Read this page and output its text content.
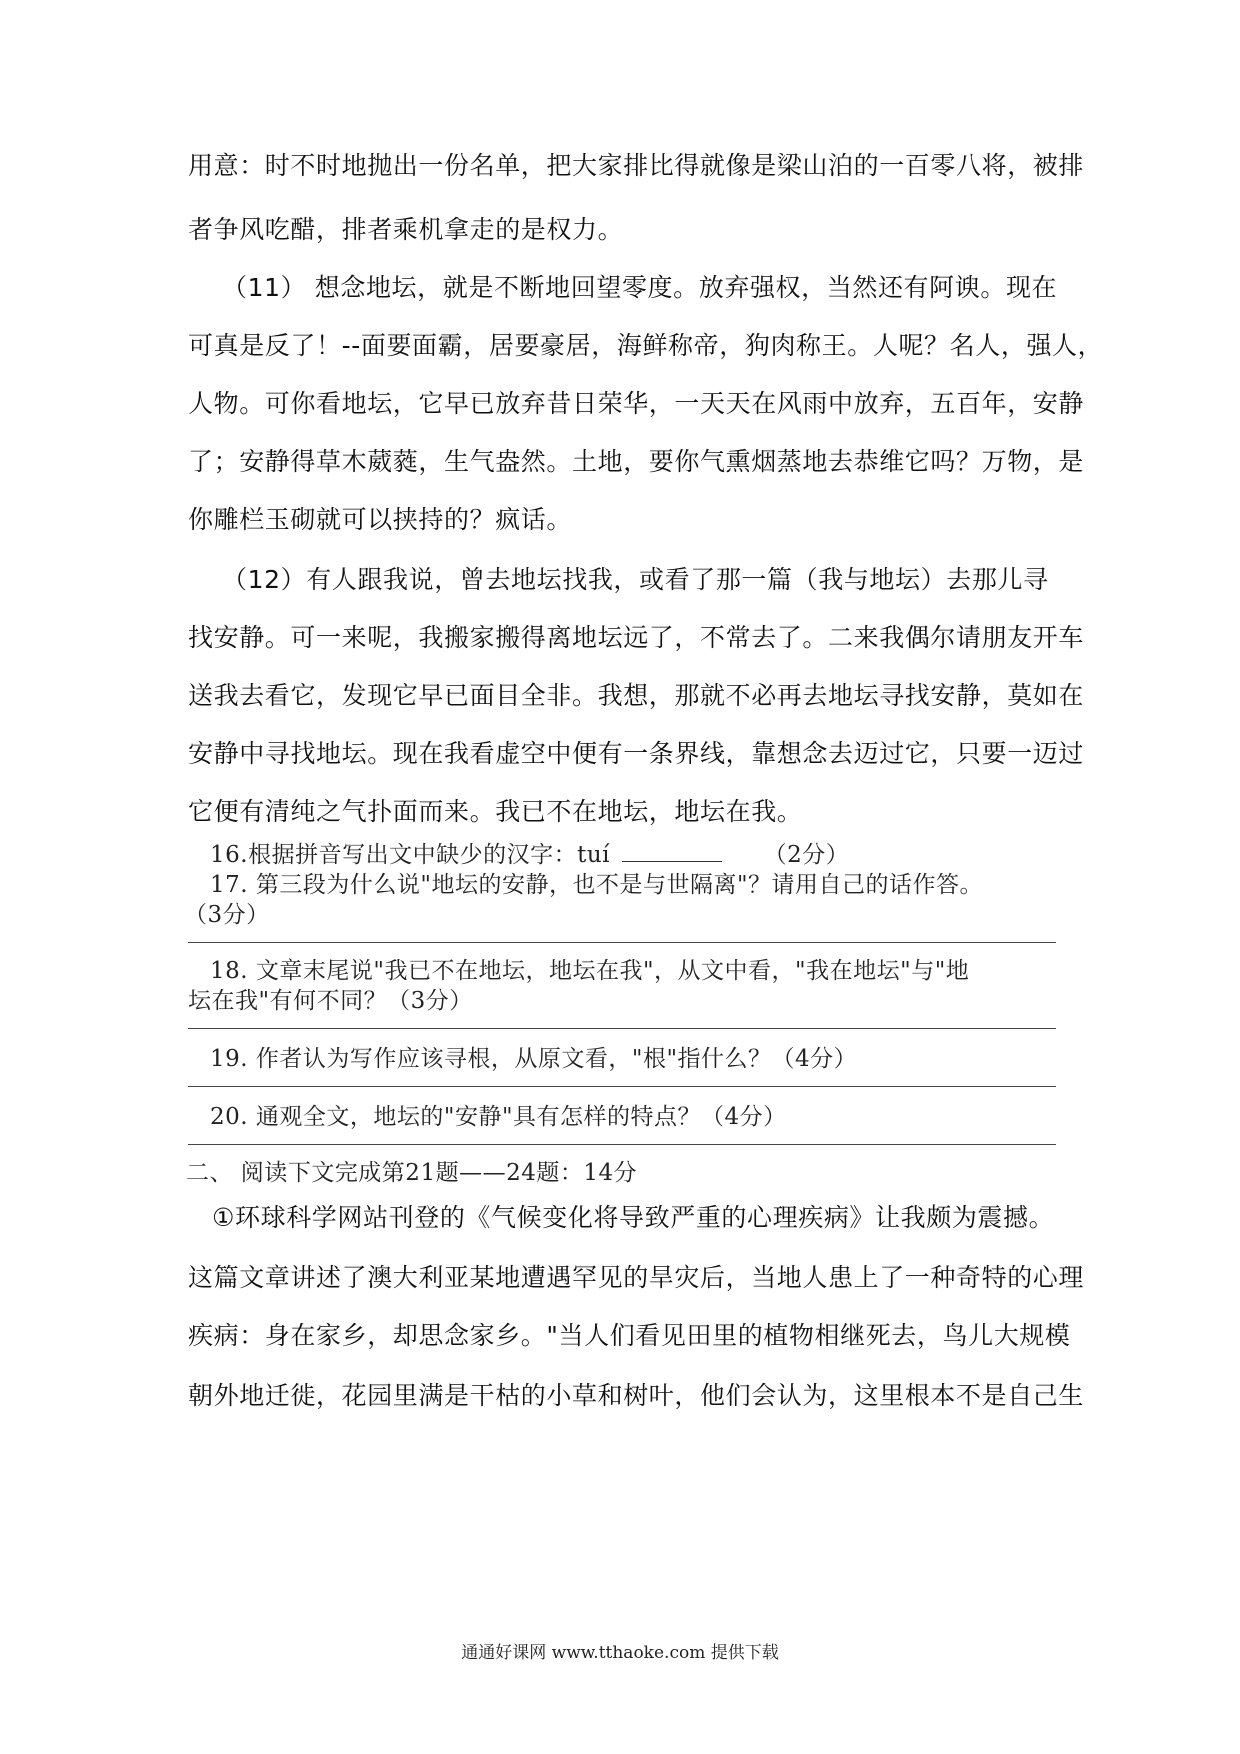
用意：时不时地抛出一份名单，把大家排比得就像是梁山泊的一百零八将，被排
者争风吃醋，排者乘机拿走的是权力。
（11） 想念地坛，就是不断地回望零度。放弃强权，当然还有阿谀。现在
可真是反了！--面要面霸，居要豪居，海鲜称帝，狗肉称王。人呢？名人，强人，
人物。可你看地坛，它早已放弃昔日荣华，一天天在风雨中放弃，五百年，安静
了；安静得草木葳蕤，生气盎然。土地，要你气熏烟蒸地去恭维它吗？万物，是
你雕栏玉砌就可以挟持的？疯话。
（12）有人跟我说，曾去地坛找我，或看了那一篇（我与地坛）去那儿寻
找安静。可一来呢，我搬家搬得离地坛远了，不常去了。二来我偶尔请朋友开车
送我去看它，发现它早已面目全非。我想，那就不必再去地坛寻找安静，莫如在
安静中寻找地坛。现在我看虚空中便有一条界线，靠想念去迈过它，只要一迈过
它便有清纯之气扑面而来。我已不在地坛，地坛在我。
16.根据拼音写出文中缺少的汉字：tuí	（2分）
17. 第三段为什么说"地坛的安静，也不是与世隔离"？请用自己的话作答。
（3分）
18. 文章末尾说"我已不在地坛，地坛在我"，从文中看，"我在地坛"与"地
坛在我"有何不同？（3分）
19. 作者认为写作应该寻根，从原文看，"根"指什么？（4分）
20. 通观全文，地坛的"安静"具有怎样的特点？（4分）
二、 阅读下文完成第21题——24题：14分
①环球科学网站刊登的《气候变化将导致严重的心理疾病》让我颇为震撼。
这篇文章讲述了澳大利亚某地遭遇罕见的旱灾后，当地人患上了一种奇特的心理
疾病：身在家乡，却思念家乡。"当人们看见田里的植物相继死去，鸟儿大规模
朝外地迁徙，花园里满是干枯的小草和树叶，他们会认为，这里根本不是自己生
通通好课网 www.tthaoke.com 提供下载
